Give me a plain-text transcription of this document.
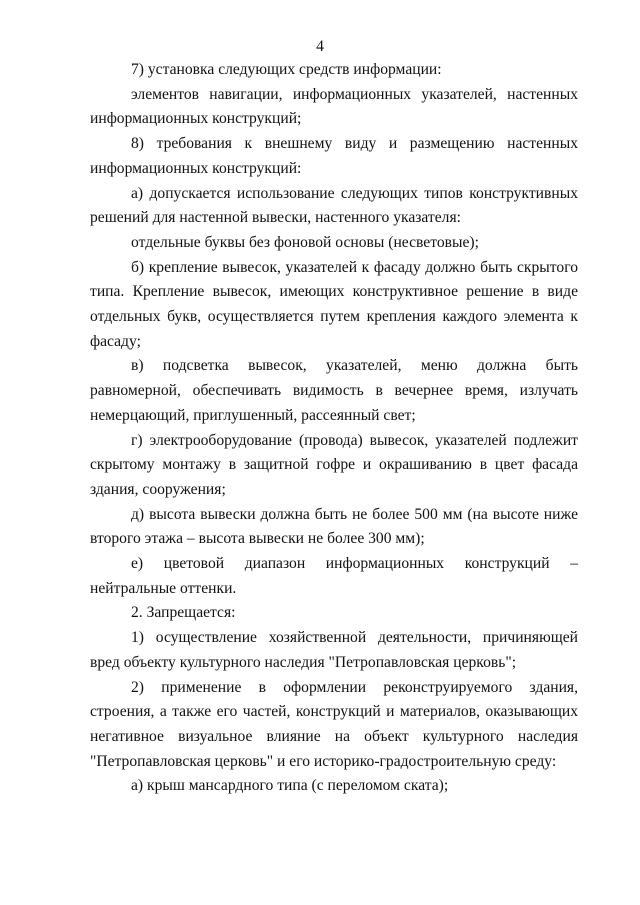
4

7) установка следующих средств информации:

элементов навигации, информационных указателей, настенных информационных конструкций;

8) требования к внешнему виду и размещению настенных информационных конструкций:

а) допускается использование следующих типов конструктивных решений для настенной вывески, настенного указателя:

отдельные буквы без фоновой основы (несветовые);

б) крепление вывесок, указателей к фасаду должно быть скрытого типа. Крепление вывесок, имеющих конструктивное решение в виде отдельных букв, осуществляется путем крепления каждого элемента к фасаду;

в) подсветка вывесок, указателей, меню должна быть равномерной, обеспечивать видимость в вечернее время, излучать немерцающий, приглушенный, рассеянный свет;

г) электрооборудование (провода) вывесок, указателей подлежит скрытому монтажу в защитной гофре и окрашиванию в цвет фасада здания, сооружения;

д) высота вывески должна быть не более 500 мм (на высоте ниже второго этажа – высота вывески не более 300 мм);

е) цветовой диапазон информационных конструкций – нейтральные оттенки.

2. Запрещается:

1) осуществление хозяйственной деятельности, причиняющей вред объекту культурного наследия "Петропавловская церковь";

2) применение в оформлении реконструируемого здания, строения, а также его частей, конструкций и материалов, оказывающих негативное визуальное влияние на объект культурного наследия "Петропавловская церковь" и его историко-градостроительную среду:

а) крыш мансардного типа (с переломом ската);
